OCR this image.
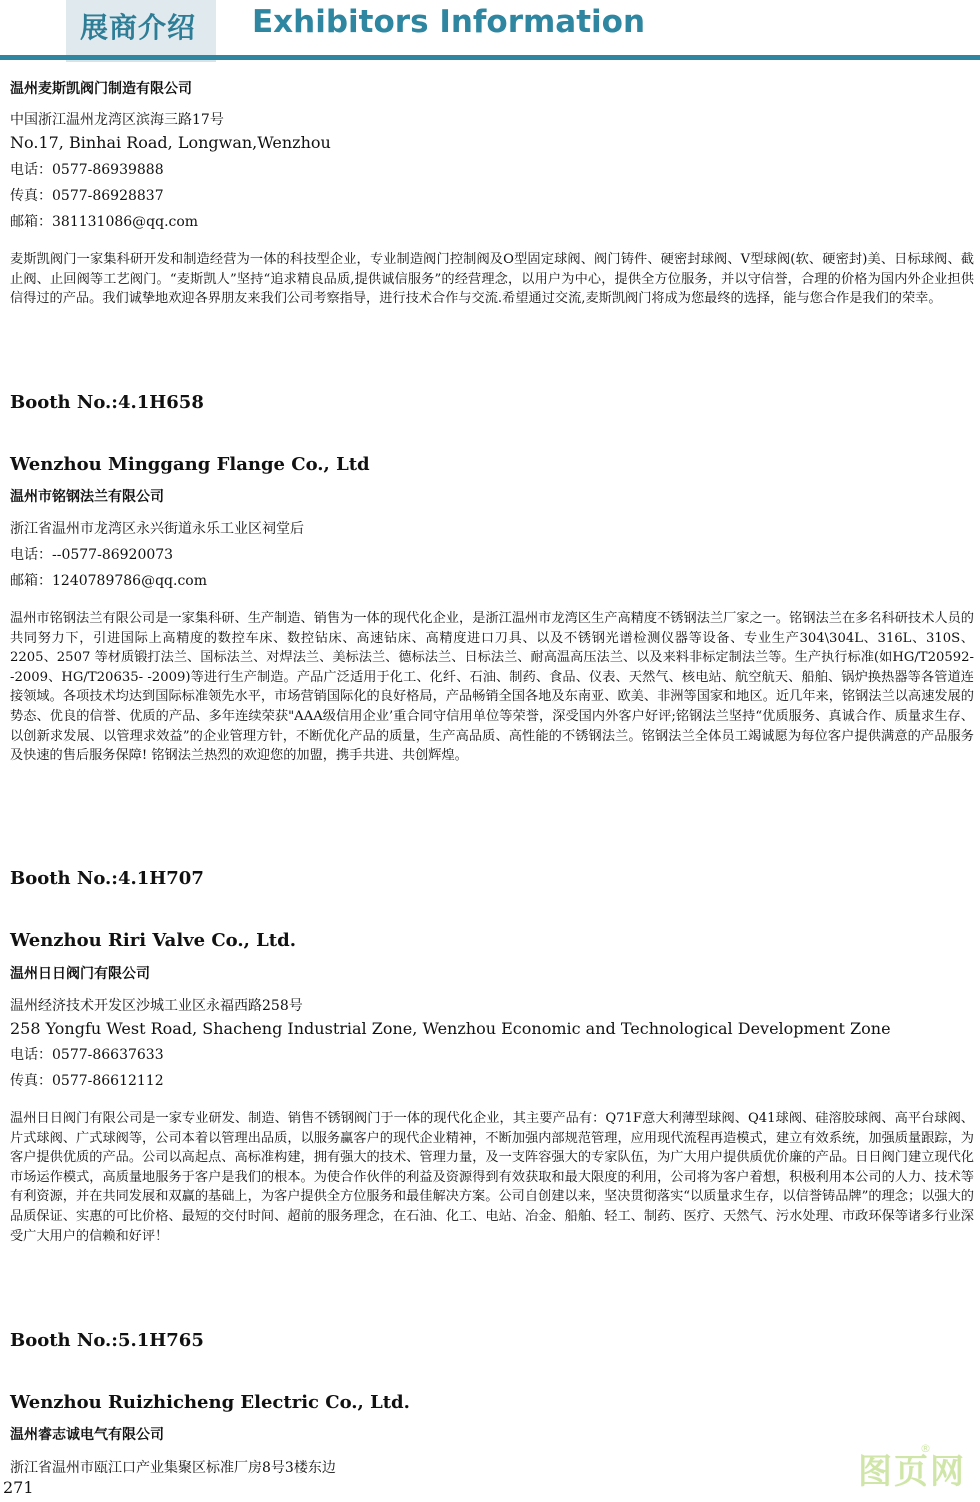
展商介绍 Exhibitors Information
温州麦斯凯阀门制造有限公司
中国浙江温州龙湾区滨海三路17号
No.17, Binhai Road, Longwan,Wenzhou
电话：0577-86939888
传真：0577-86928837
邮箱：381131086@qq.com
麦斯凯阀门一家集科研开发和制造经营为一体的科技型企业，专业制造阀门控制阀及O型固定球阀、阀门铸件、硬密封球阀、V型球阀(软、硬密封)美、日标球阀、截止阀、止回阀等工艺阀门。“麦斯凯人”坚持“追求精良品质,提供诚信服务”的经营理念，以用户为中心，提供全方位服务，并以守信誉，合理的价格为国内外企业担供信得过的产品。我们诚挚地欢迎各界朋友来我们公司考察指导，进行技术合作与交流.希望通过交流,麦斯凯阀门将成为您最终的选择，能与您合作是我们的荣幸。
Booth No.:4.1H658
Wenzhou Minggang Flange Co., Ltd
温州市铭钢法兰有限公司
浙江省温州市龙湾区永兴街道永乐工业区祠堂后
电话：--0577-86920073
邮箱：1240789786@qq.com
温州市铭钢法兰有限公司是一家集科研、生产制造、销售为一体的现代化企业，是浙江温州市龙湾区生产高精度不锈钢法兰厂家之一。铭钢法兰在多名科研技术人员的共同努力下，引进国际上高精度的数控车床、数控钻床、高速钻床、高精度进口刀具、以及不锈钢光谱检测仪器等设备、专业生产304\304L、316L、310S、2205、2507 等材质锻打法兰、国标法兰、对焊法兰、美标法兰、德标法兰、日标法兰、耐高温高压法兰、以及来料非标定制法兰等。生产执行标准(如HG/T20592- -2009、HG/T20635- -2009)等进行生产制造。产品广泛适用于化工、化纤、石油、制药、食品、仪表、天然气、核电站、航空航天、船舶、锅炉换热器等各管道连接领域。各项技术均达到国际标准领先水平，市场营销国际化的良好格局，产品畅销全国各地及东南亚、欧美、非洲等国家和地区。近几年来，铭钢法兰以高速发展的势态、优良的信誉、优质的产品、多年连续荣获"AAA级信用企业’重合同守信用单位等荣誉，深受国内外客户好评;铭钢法兰坚持“优质服务、真诚合作、质量求生存、以创新求发展、以管理求效益”的企业管理方针，不断优化产品的质量，生产高品质、高性能的不锈钢法兰。铭钢法兰全体员工竭诚愿为每位客户提供满意的产品服务及快速的售后服务保障! 铭钢法兰热烈的欢迎您的加盟，携手共进、共创辉煌。
Booth No.:4.1H707
Wenzhou Riri Valve Co., Ltd.
温州日日阀门有限公司
温州经济技术开发区沙城工业区永福西路258号
258 Yongfu West Road, Shacheng Industrial Zone, Wenzhou Economic and Technological Development Zone
电话：0577-86637633
传真：0577-86612112
温州日日阀门有限公司是一家专业研发、制造、销售不锈钢阀门于一体的现代化企业，其主要产品有：Q71F意大利薄型球阀、Q41球阀、硅溶胶球阀、高平台球阀、片式球阀、广式球阀等，公司本着以管理出品质，以服务赢客户的现代企业精神，不断加强内部规范管理，应用现代流程再造模式，建立有效系统，加强质量跟踪，为客户提供优质的产品。公司以高起点、高标准构建，拥有强大的技术、管理力量，及一支阵容强大的专家队伍，为广大用户提供质优价廉的产品。日日阀门建立现代化市场运作模式，高质量地服务于客户是我们的根本。为使合作伙伴的利益及资源得到有效获取和最大限度的利用，公司将为客户着想，积极利用本公司的人力、技术等有利资源，并在共同发展和双赢的基础上，为客户提供全方位服务和最佳解决方案。公司自创建以来，坚决贯彻落实“以质量求生存，以信誉铸品牌”的理念；以强大的品质保证、实惠的可比价格、最短的交付时间、超前的服务理念，在石油、化工、电站、冶金、船舶、轻工、制药、医疗、天然气、污水处理、市政环保等诸多行业深受广大用户的信赖和好评！
Booth No.:5.1H765
Wenzhou Ruizhicheng Electric Co., Ltd.
温州睿志诚电气有限公司
浙江省温州市瓯江口产业集聚区标准厂房8号3楼东边
271	图页网
®
